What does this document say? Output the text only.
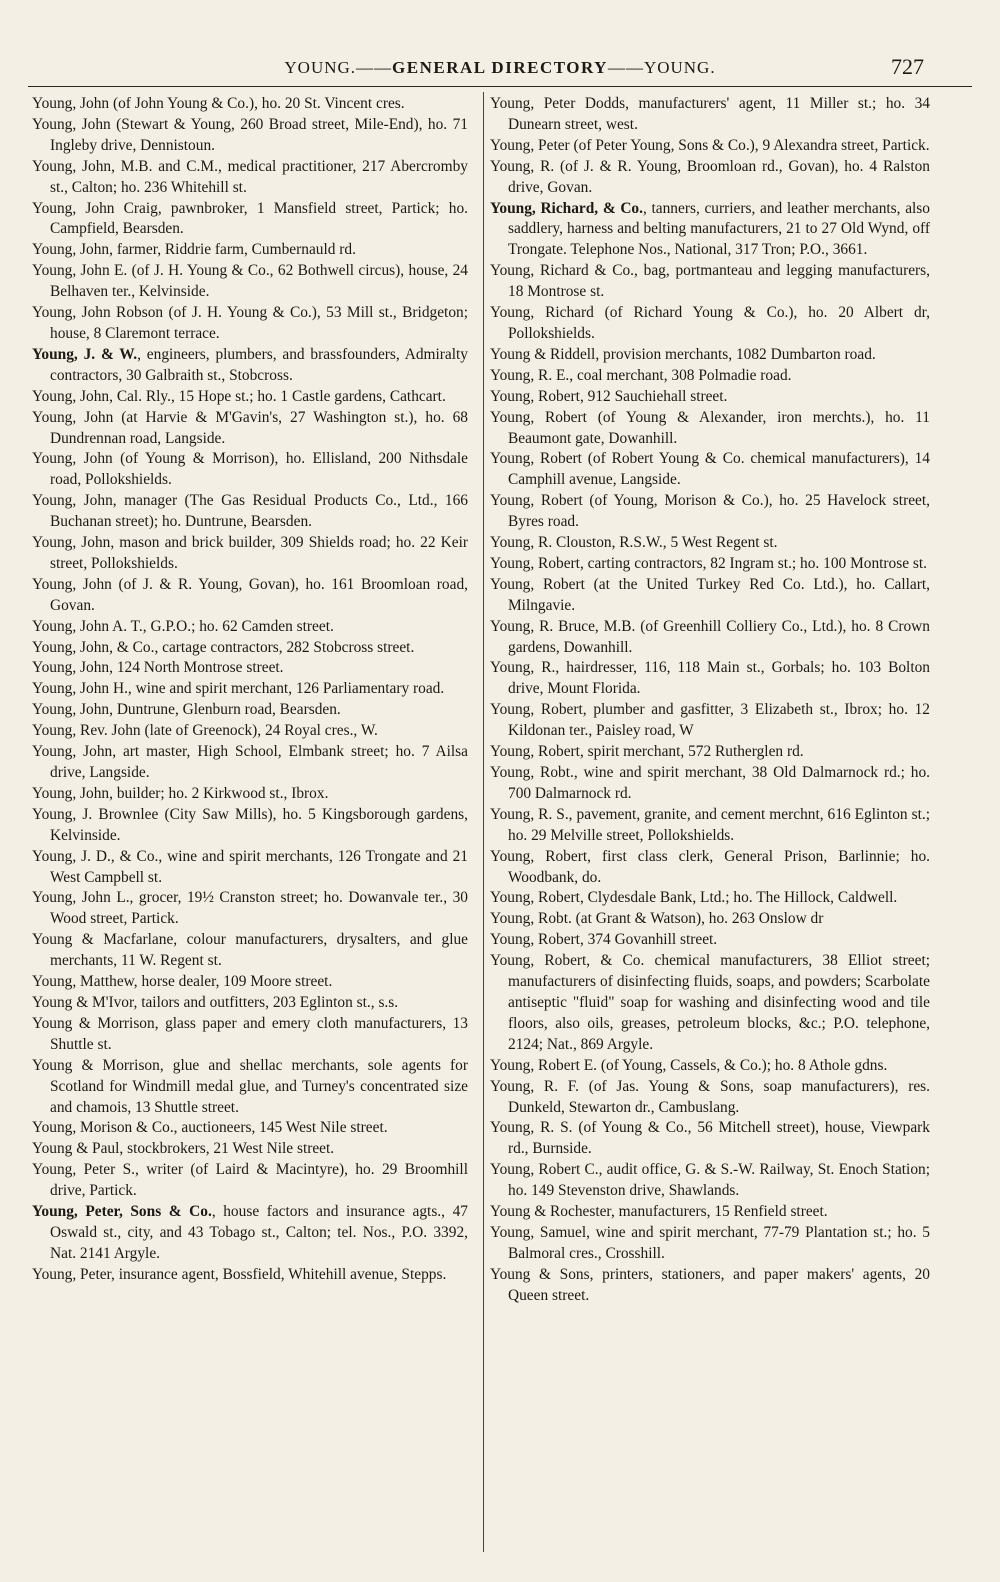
YOUNG.——GENERAL DIRECTORY——YOUNG.	727

Young, John (of John Young & Co.), ho. 20 St. Vincent cres.

Young, John (Stewart & Young, 260 Broad street, Mile-End), ho. 71 Ingleby drive, Dennistoun.

Young, John, M.B. and C.M., medical practitioner, 217 Abercromby st., Calton; ho. 236 Whitehill st.

Young, John Craig, pawnbroker, 1 Mansfield street, Partick; ho. Campfield, Bearsden.

Young, John, farmer, Riddrie farm, Cumbernauld rd.

Young, John E. (of J. H. Young & Co., 62 Bothwell circus), house, 24 Belhaven ter., Kelvinside.

Young, John Robson (of J. H. Young & Co.), 53 Mill st., Bridgeton; house, 8 Claremont terrace.

Young, J. & W., engineers, plumbers, and brassfounders, Admiralty contractors, 30 Galbraith st., Stobcross.

Young, John, Cal. Rly., 15 Hope st.; ho. 1 Castle gardens, Cathcart.

Young, John (at Harvie & M'Gavin's, 27 Washington st.), ho. 68 Dundrennan road, Langside.

Young, John (of Young & Morrison), ho. Ellisland, 200 Nithsdale road, Pollokshields.

Young, John, manager (The Gas Residual Products Co., Ltd., 166 Buchanan street); ho. Duntrune, Bearsden.

Young, John, mason and brick builder, 309 Shields road; ho. 22 Keir street, Pollokshields.

Young, John (of J. & R. Young, Govan), ho. 161 Broomloan road, Govan.

Young, John A. T., G.P.O.; ho. 62 Camden street.

Young, John, & Co., cartage contractors, 282 Stobcross street.

Young, John, 124 North Montrose street.

Young, John H., wine and spirit merchant, 126 Parliamentary road.

Young, John, Duntrune, Glenburn road, Bearsden.

Young, Rev. John (late of Greenock), 24 Royal cres., W.

Young, John, art master, High School, Elmbank street; ho. 7 Ailsa drive, Langside.

Young, John, builder; ho. 2 Kirkwood st., Ibrox.

Young, J. Brownlee (City Saw Mills), ho. 5 Kingsborough gardens, Kelvinside.

Young, J. D., & Co., wine and spirit merchants, 126 Trongate and 21 West Campbell st.

Young, John L., grocer, 19½ Cranston street; ho. Dowanvale ter., 30 Wood street, Partick.

Young & Macfarlane, colour manufacturers, drysalters, and glue merchants, 11 W. Regent st.

Young, Matthew, horse dealer, 109 Moore street.

Young & M'Ivor, tailors and outfitters, 203 Eglinton st., s.s.

Young & Morrison, glass paper and emery cloth manufacturers, 13 Shuttle st.

Young & Morrison, glue and shellac merchants, sole agents for Scotland for Windmill medal glue, and Turney's concentrated size and chamois, 13 Shuttle street.

Young, Morison & Co., auctioneers, 145 West Nile street.

Young & Paul, stockbrokers, 21 West Nile street.

Young, Peter S., writer (of Laird & Macintyre), ho. 29 Broomhill drive, Partick.

Young, Peter, Sons & Co., house factors and insurance agts., 47 Oswald st., city, and 43 Tobago st., Calton; tel. Nos., P.O. 3392, Nat. 2141 Argyle.

Young, Peter, insurance agent, Bossfield, Whitehill avenue, Stepps.

Young, Peter Dodds, manufacturers' agent, 11 Miller st.; ho. 34 Dunearn street, west.

Young, Peter (of Peter Young, Sons & Co.), 9 Alexandra street, Partick.

Young, R. (of J. & R. Young, Broomloan rd., Govan), ho. 4 Ralston drive, Govan.

Young, Richard, & Co., tanners, curriers, and leather merchants, also saddlery, harness and belting manufacturers, 21 to 27 Old Wynd, off Trongate. Telephone Nos., National, 317 Tron; P.O., 3661.

Young, Richard & Co., bag, portmanteau and legging manufacturers, 18 Montrose st.

Young, Richard (of Richard Young & Co.), ho. 20 Albert dr, Pollokshields.

Young & Riddell, provision merchants, 1082 Dumbarton road.

Young, R. E., coal merchant, 308 Polmadie road.

Young, Robert, 912 Sauchiehall street.

Young, Robert (of Young & Alexander, iron merchts.), ho. 11 Beaumont gate, Dowanhill.

Young, Robert (of Robert Young & Co. chemical manufacturers), 14 Camphill avenue, Langside.

Young, Robert (of Young, Morison & Co.), ho. 25 Havelock street, Byres road.

Young, R. Clouston, R.S.W., 5 West Regent st.

Young, Robert, carting contractors, 82 Ingram st.; ho. 100 Montrose st.

Young, Robert (at the United Turkey Red Co. Ltd.), ho. Callart, Milngavie.

Young, R. Bruce, M.B. (of Greenhill Colliery Co., Ltd.), ho. 8 Crown gardens, Dowanhill.

Young, R., hairdresser, 116, 118 Main st., Gorbals; ho. 103 Bolton drive, Mount Florida.

Young, Robert, plumber and gasfitter, 3 Elizabeth st., Ibrox; ho. 12 Kildonan ter., Paisley road, W

Young, Robert, spirit merchant, 572 Rutherglen rd.

Young, Robt., wine and spirit merchant, 38 Old Dalmarnock rd.; ho. 700 Dalmarnock rd.

Young, R. S., pavement, granite, and cement merchnt, 616 Eglinton st.; ho. 29 Melville street, Pollokshields.

Young, Robert, first class clerk, General Prison, Barlinnie; ho. Woodbank, do.

Young, Robert, Clydesdale Bank, Ltd.; ho. The Hillock, Caldwell.

Young, Robt. (at Grant & Watson), ho. 263 Onslow dr

Young, Robert, 374 Govanhill street.

Young, Robert, & Co. chemical manufacturers, 38 Elliot street; manufacturers of disinfecting fluids, soaps, and powders; Scarbolate antiseptic "fluid" soap for washing and disinfecting wood and tile floors, also oils, greases, petroleum blocks, &c.; P.O. telephone, 2124; Nat., 869 Argyle.

Young, Robert E. (of Young, Cassels, & Co.); ho. 8 Athole gdns.

Young, R. F. (of Jas. Young & Sons, soap manufacturers), res. Dunkeld, Stewarton dr., Cambuslang.

Young, R. S. (of Young & Co., 56 Mitchell street), house, Viewpark rd., Burnside.

Young, Robert C., audit office, G. & S.-W. Railway, St. Enoch Station; ho. 149 Stevenston drive, Shawlands.

Young & Rochester, manufacturers, 15 Renfield street.

Young, Samuel, wine and spirit merchant, 77-79 Plantation st.; ho. 5 Balmoral cres., Crosshill.

Young & Sons, printers, stationers, and paper makers' agents, 20 Queen street.
